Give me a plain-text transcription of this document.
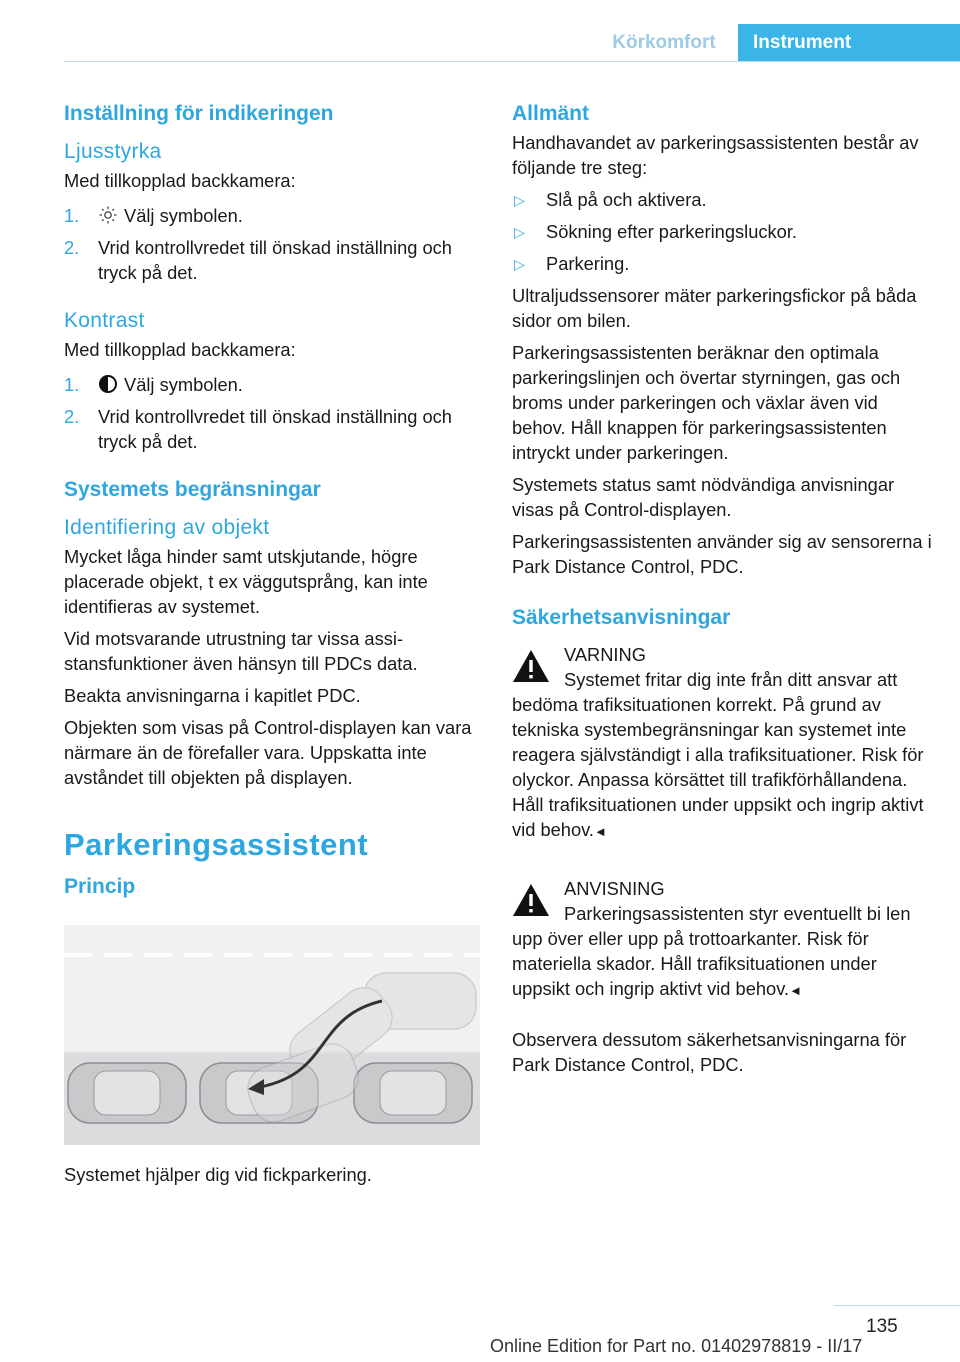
Körkomfort	Instrument
Inställning för indikeringen
Ljusstyrka

Med tillkopplad backkamera:

1. Välj symbolen.
2. Vrid kontrollvredet till önskad inställning och tryck på det.
Kontrast

Med tillkopplad backkamera:

1. Välj symbolen.
2. Vrid kontrollvredet till önskad inställning och tryck på det.
Systemets begränsningar
Identifiering av objekt

Mycket låga hinder samt utskjutande, högre placerade objekt, t ex väggutsprång, kan inte identifieras av systemet.

Vid motsvarande utrustning tar vissa assistansfunktioner även hänsyn till PDCs data.

Beakta anvisningarna i kapitlet PDC.

Objekten som visas på Control-displayen kan vara närmare än de förefaller vara. Uppskatta inte avståndet till objekten på displayen.

Parkeringsassistent
Princip

Systemet hjälper dig vid fickparkering.

Allmänt

Handhavandet av parkeringsassistenten består av följande tre steg:

▷ Slå på och aktivera.
▷ Sökning efter parkeringsluckor.
▷ Parkering.

Ultraljudssensorer mäter parkeringsfickor på båda sidor om bilen.

Parkeringsassistenten beräknar den optimala parkeringslinjen och övertar styrningen, gas och broms under parkeringen och växlar även vid behov. Håll knappen för parkeringsassistenten intryckt under parkeringen.

Systemets status samt nödvändiga anvisningar visas på Control-displayen.

Parkeringsassistenten använder sig av sensorerna i Park Distance Control, PDC.

Säkerhetsanvisningar
VARNING
Systemet fritar dig inte från ditt ansvar att bedöma trafiksituationen korrekt. På grund av tekniska systembegränsningar kan systemet inte reagera självständigt i alla trafiksituationer. Risk för olyckor. Anpassa körsättet till trafikförhållandena. Håll trafiksituationen under uppsikt och ingrip aktivt vid behov.◄
ANVISNING
Parkeringsassistenten styr eventuellt bi len upp över eller upp på trottoarkanter. Risk för materiella skador. Håll trafiksituationen under uppsikt och ingrip aktivt vid behov.◄

Observera dessutom säkerhetsanvisningarna för Park Distance Control, PDC.

135
Online Edition for Part no. 01402978819 - II/17
